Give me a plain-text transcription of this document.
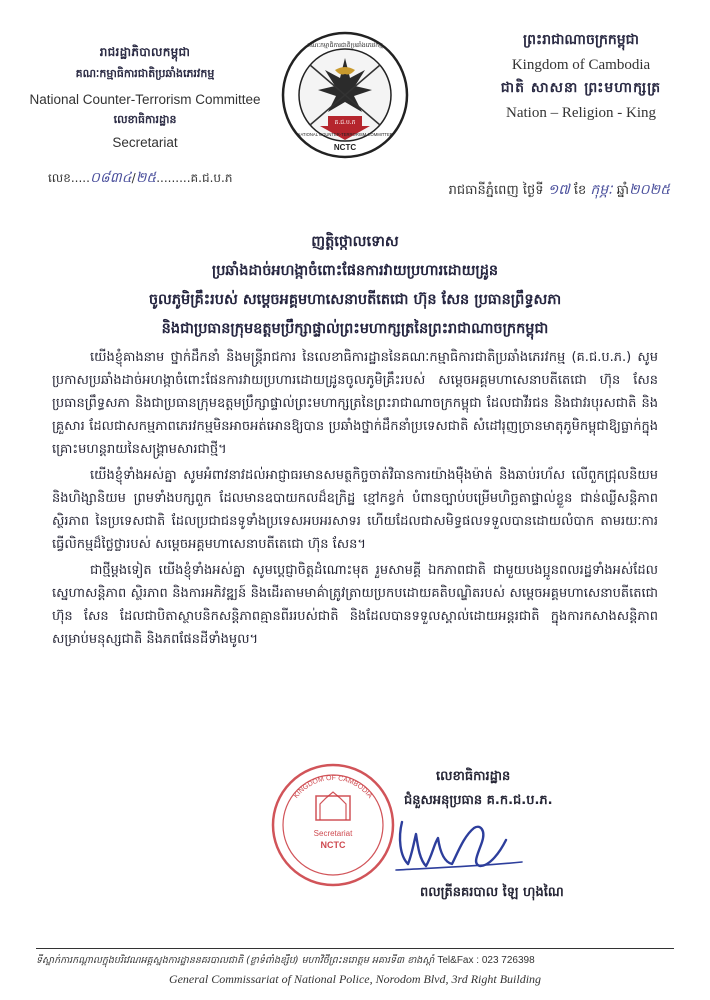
រាជរដ្ឋាភិបាលកម្ពុជា
គណៈកម្មាធិការជាតិប្រឆាំងភេរវកម្ម
National Counter-Terrorism Committee
លេខាធិការដ្ឋាន
Secretariat
លេខ.....០៨៣៤/២៥.........គ.ជ.ប.ភ
គណៈកម្មាធិការជាតិប្រឆាំងភេរវកម្ម
គ.ជ.ប.ភ
NCTC
NATIONAL COUNTER-TERRORISM COMMITTEE
ព្រះរាជាណាចក្រកម្ពុជា
Kingdom of Cambodia
ជាតិ សាសនា ព្រះមហាក្សត្រ
Nation – Religion - King
រាជធានីភ្នំពេញ ថ្ងៃទី ១៧ ខែ កុម្ភៈ ឆ្នាំ២០២៥
ញត្តិថ្កោលទោស
ប្រឆាំងដាច់អហង្កាចំពោះផែនការវាយប្រហារដោយដ្រូន
ចូលភូមិគ្រឹះរបស់ សម្ដេចអគ្គមហាសេនាបតីតេជោ ហ៊ុន សែន ប្រធានព្រឹទ្ធសភា
និងជាប្រធានក្រុមឧត្ដមប្រឹក្សាផ្ទាល់ព្រះមហាក្សត្រនៃព្រះរាជាណាចក្រកម្ពុជា

យើងខ្ញុំគាងនាម ថ្នាក់ដឹកនាំ និងមន្ត្រីរាជការ នៃលេខាធិការដ្ឋាននៃគណៈកម្មាធិការជាតិប្រឆាំងភេរវកម្ម (គ.ជ.ប.ភ.) សូមប្រកាសប្រឆាំងដាច់អហង្កាចំពោះផែនការវាយប្រហារដោយដ្រូនចូលភូមិគ្រឹះរបស់ សម្ដេចអគ្គមហាសេនាបតីតេជោ ហ៊ុន សែន ប្រធានព្រឹទ្ធសភា និងជាប្រធានក្រុមឧត្ដមប្រឹក្សាផ្ទាល់ព្រះមហាក្សត្រនៃព្រះរាជាណាចក្រកម្ពុជា ដែលជាវីរជន និងជាវរបុរសជាតិ និងគ្រួសារ ដែលជាសកម្មភាពភេរវកម្មមិនអាចអត់អោនឱ្យបាន ប្រឆាំងថ្នាក់ដឹកនាំប្រទេសជាតិ សំដៅរុញច្រានមាតុភូមិកម្ពុជាឱ្យធ្លាក់ក្នុងគ្រោះមហន្តរាយនៃសង្គ្រាមសារជាថ្មី។

យើងខ្ញុំទាំងអស់គ្នា សូមអំពាវនាវដល់អាជ្ញាធរមានសមត្ថកិច្ចចាត់វិធានការយ៉ាងម៉ឺងម៉ាត់ និងឆាប់រហ័ស លើពួកជ្រុលនិយម និងហិង្សានិយម ព្រមទាំងបក្សពួក ដែលមានឧបាយកលដ៏ឧក្រិដ្ឋ ខ្មៅកខ្វក់ បំពានច្បាប់បម្រើមហិច្ឆតាផ្ទាល់ខ្លួន ជាន់ឈ្លីសន្តិភាព ស្ថិរភាព នៃប្រទេសជាតិ ដែលប្រជាជនទូទាំងប្រទេសអបអរសាទរ ហើយដែលជាសមិទ្ធផលទទួលបានដោយលំបាក តាមរយៈការធ្វើលិកម្មដ៏ថ្លៃថ្លារបស់ សម្ដេចអគ្គមហាសេនាបតីតេជោ ហ៊ុន សែន។

ជាថ្មីម្ដងទៀត យើងខ្ញុំទាំងអស់គ្នា សូមប្ដេជ្ញាចិត្តដំណោះមុត រួមសាមគ្គី ឯកភាពជាតិ ជាមួយបងប្អូនពលរដ្ឋទាំងអស់ដែលស្នេហាសន្តិភាព ស្ថិរភាព និងការអភិវឌ្ឍន៍ និងដើរតាមមាគ៌ាត្រូវត្រាយប្រកបដោយគតិបណ្ឌិតរបស់ សម្ដេចអគ្គមហាសេនាបតីតេជោ ហ៊ុន សែន ដែលជាបិតាស្ថាបនិកសន្តិភាពគ្មានពីររបស់ជាតិ និងដែលបានទទួលស្គាល់ដោយអន្តរជាតិ ក្នុងការកសាងសន្តិភាព សម្រាប់មនុស្សជាតិ និងភពផែនដីទាំងមូល។

លេខាធិការដ្ឋាន
ជំនួសអនុប្រធាន គ.ក.ជ.ប.ភ.
KINGDOM OF CAMBODIA
Secretariat
NCTC
ពលត្រីនគរបាល ឡៃ ហុងណៃ
ទីស្នាក់ការកណ្ដាលក្នុងបរិវេណអគ្គស្នងការដ្ឋាននគរបាលជាតិ (ខ្លាទំពាំងខ្សឹប) មហាវិថីព្រះនរោត្តម អគារទី៣ ខាងស្ដាំ Tel&Fax : 023 726398
General Commissariat of National Police, Norodom Blvd, 3rd Right Building
